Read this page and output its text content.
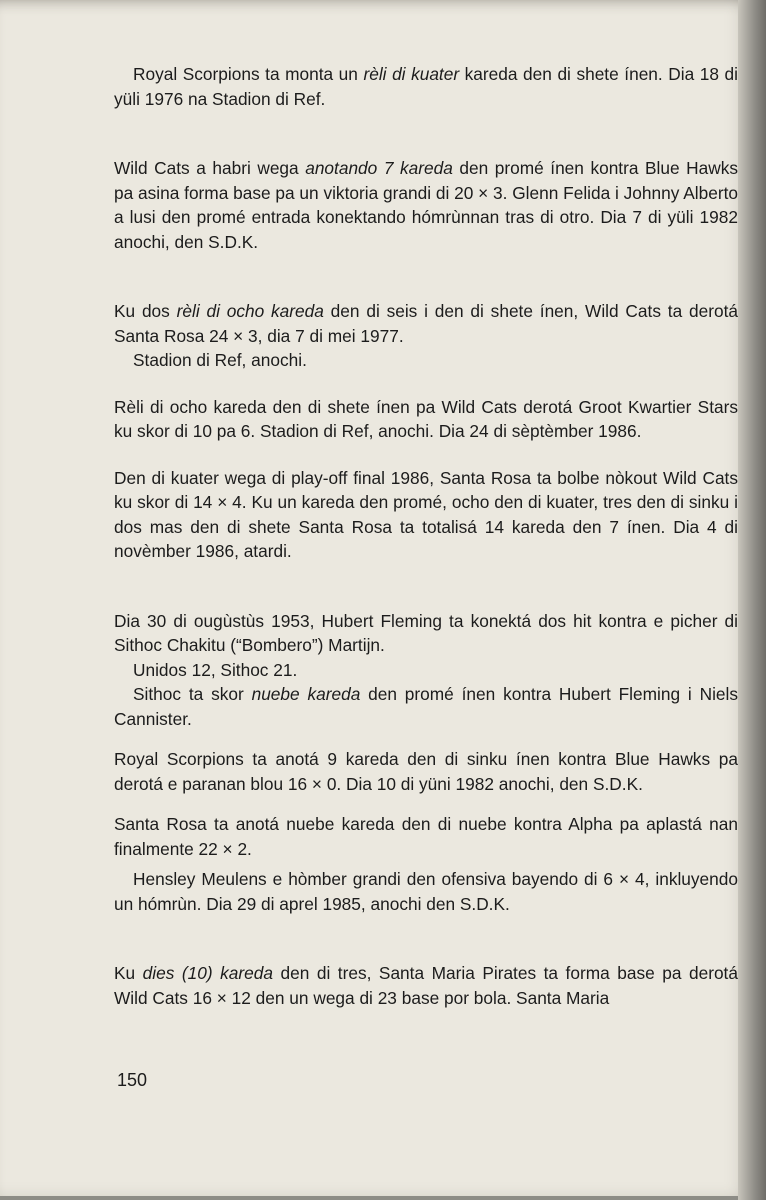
Royal Scorpions ta monta un rèli di kuater kareda den di shete ínen. Dia 18 di yüli 1976 na Stadion di Ref.

Wild Cats a habri wega anotando 7 kareda den promé ínen kontra Blue Hawks pa asina forma base pa un viktoria grandi di 20 × 3. Glenn Felida i Johnny Alberto a lusi den promé entrada konektando hómrùnnan tras di otro. Dia 7 di yüli 1982 anochi, den S.D.K.

Ku dos rèli di ocho kareda den di seis i den di shete ínen, Wild Cats ta derotá Santa Rosa 24 × 3, dia 7 di mei 1977.

Stadion di Ref, anochi.

Rèli di ocho kareda den di shete ínen pa Wild Cats derotá Groot Kwartier Stars ku skor di 10 pa 6. Stadion di Ref, anochi. Dia 24 di sèptèmber 1986.

Den di kuater wega di play-off final 1986, Santa Rosa ta bolbe nòkout Wild Cats ku skor di 14 × 4. Ku un kareda den promé, ocho den di kuater, tres den di sinku i dos mas den di shete Santa Rosa ta totalisá 14 kareda den 7 ínen. Dia 4 di novèmber 1986, atardi.

Dia 30 di ougùstùs 1953, Hubert Fleming ta konektá dos hit kontra e picher di Sithoc Chakitu (“Bombero”) Martijn.

Unidos 12, Sithoc 21.

Sithoc ta skor nuebe kareda den promé ínen kontra Hubert Fleming i Niels Cannister.

Royal Scorpions ta anotá 9 kareda den di sinku ínen kontra Blue Hawks pa derotá e paranan blou 16 × 0. Dia 10 di yüni 1982 anochi, den S.D.K.

Santa Rosa ta anotá nuebe kareda den di nuebe kontra Alpha pa aplastá nan finalmente 22 × 2.

Hensley Meulens e hòmber grandi den ofensiva bayendo di 6 × 4, inkluyendo un hómrùn. Dia 29 di aprel 1985, anochi den S.D.K.

Ku dies (10) kareda den di tres, Santa Maria Pirates ta forma base pa derotá Wild Cats 16 × 12 den un wega di 23 base por bola. Santa Maria

150
